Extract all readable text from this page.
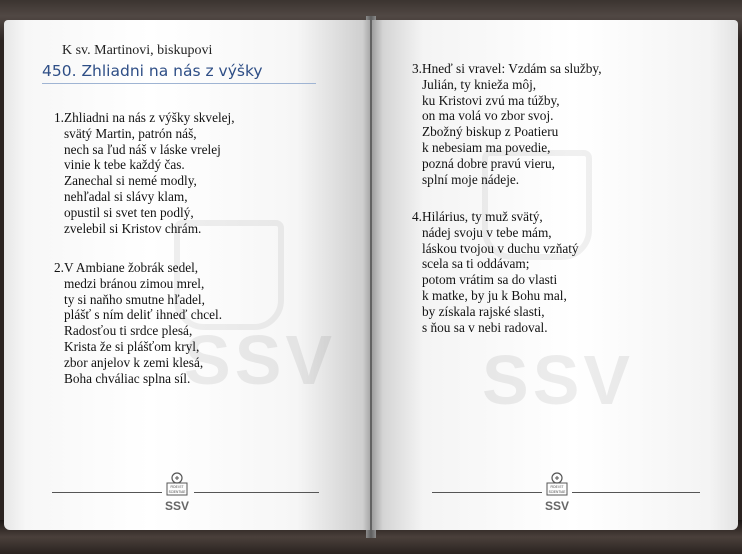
SSV
K sv. Martinovi, biskupovi
450. Zhliadni na nás z výšky
1.Zhliadni na nás z výšky skvelej,
svätý Martin, patrón náš,
nech sa ľud náš v láske vrelej
vinie k tebe každý čas.
Zanechal si nemé modly,
nehľadal si slávy klam,
opustil si svet ten podlý,
zvelebil si Kristov chrám.
2.V Ambiane žobrák sedel,
medzi bránou zimou mrel,
ty si naňho smutne hľadel,
plášť s ním deliť ihneď chcel.
Radosťou ti srdce plesá,
Krista že si plášťom kryl,
zbor anjelov k zemi klesá,
Boha chváliac splna síl.
FIDEI ET
SCIENTIAE
SSV
SSV
3.Hneď si vravel: Vzdám sa služby,
Julián, ty knieža môj,
ku Kristovi zvú ma túžby,
on ma volá vo zbor svoj.
Zbožný biskup z Poatieru
k nebesiam ma povedie,
pozná dobre pravú vieru,
splní moje nádeje.
4.Hilárius, ty muž svätý,
nádej svoju v tebe mám,
láskou tvojou v duchu vzňatý
scela sa ti oddávam;
potom vrátim sa do vlasti
k matke, by ju k Bohu mal,
by získala rajské slasti,
s ňou sa v nebi radoval.
FIDEI ET
SCIENTIAE
SSV
